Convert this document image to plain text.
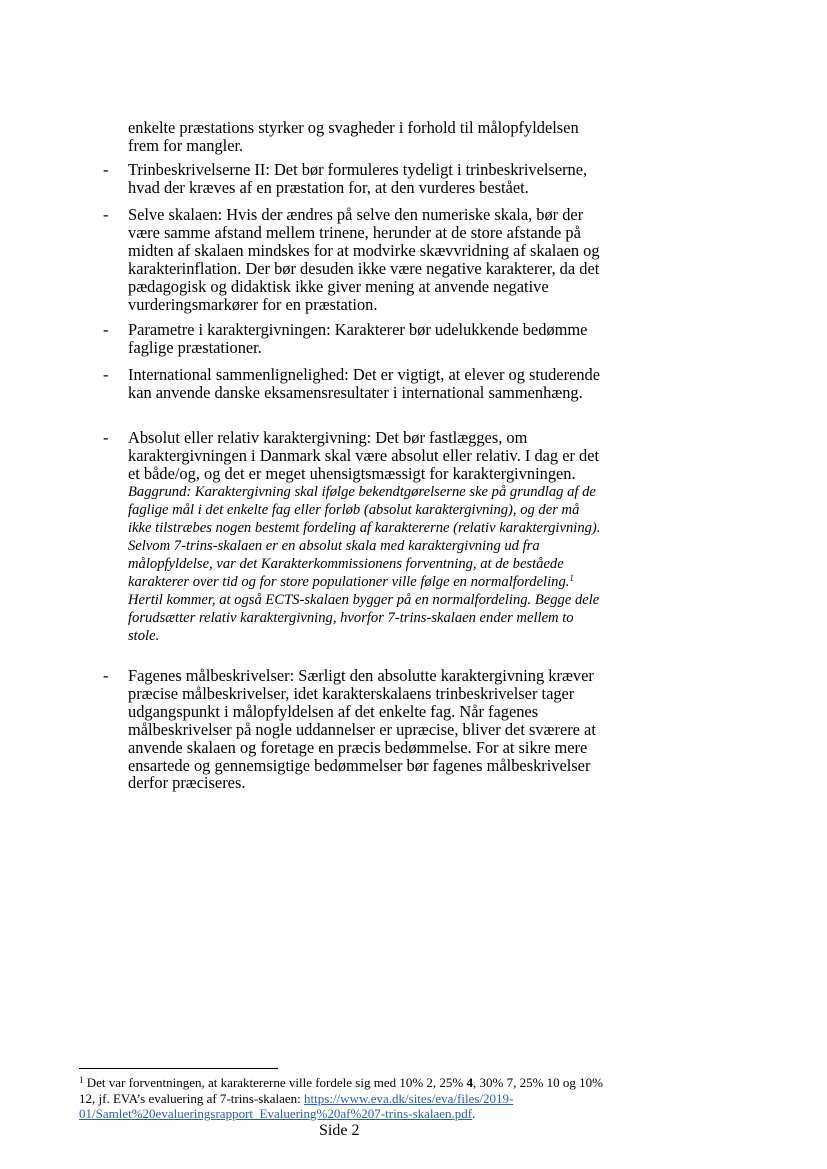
enkelte præstations styrker og svagheder i forhold til målopfyldelsen frem for mangler.
- Trinbeskrivelserne II: Det bør formuleres tydeligt i trinbeskrivelserne, hvad der kræves af en præstation for, at den vurderes bestået.
- Selve skalaen: Hvis der ændres på selve den numeriske skala, bør der være samme afstand mellem trinene, herunder at de store afstande på midten af skalaen mindskes for at modvirke skævvridning af skalaen og karakterinflation. Der bør desuden ikke være negative karakterer, da det pædagogisk og didaktisk ikke giver mening at anvende negative vurderingsmarkører for en præstation.
- Parametre i karaktergivningen: Karakterer bør udelukkende bedømme faglige præstationer.
- International sammenlignelighed: Det er vigtigt, at elever og studerende kan anvende danske eksamensresultater i international sammenhæng.
- Absolut eller relativ karaktergivning: Det bør fastlægges, om karaktergivningen i Danmark skal være absolut eller relativ. I dag er det et både/og, og det er meget uhensigtsmæssigt for karaktergivningen.
Baggrund: Karaktergivning skal ifølge bekendtgørelserne ske på grundlag af de faglige mål i det enkelte fag eller forløb (absolut karaktergivning), og der må ikke tilstræbes nogen bestemt fordeling af karaktererne (relativ karaktergivning). Selvom 7-trins-skalaen er en absolut skala med karaktergivning ud fra målopfyldelse, var det Karakterkommissionens forventning, at de beståede karakterer over tid og for store populationer ville følge en normalfordeling.$^1$ Hertil kommer, at også ECTS-skalaen bygger på en normalfordeling. Begge dele forudsætter relativ karaktergivning, hvorfor 7-trins-skalaen ender mellem to stole.
- Fagenes målbeskrivelser: Særligt den absolutte karaktergivning kræver præcise målbeskrivelser, idet karakterskalaens trinbeskrivelser tager udgangspunkt i målopfyldelsen af det enkelte fag. Når fagenes målbeskrivelser på nogle uddannelser er upræcise, bliver det sværere at anvende skalaen og foretage en præcis bedømmelse. For at sikre mere ensartede og gennemsigtige bedømmelser bør fagenes målbeskrivelser derfor præciseres.
$^1$ Det var forventningen, at karaktererne ville fordele sig med 10% 2, 25% 4, 30% 7, 25% 10 og 10% 12, jf. EVA’s evaluering af 7-trins-skalaen: https://www.eva.dk/sites/eva/files/2019-01/Samlet%20evalueringsrapport_Evaluering%20af%207-trins-skalaen.pdf.
Side 2
